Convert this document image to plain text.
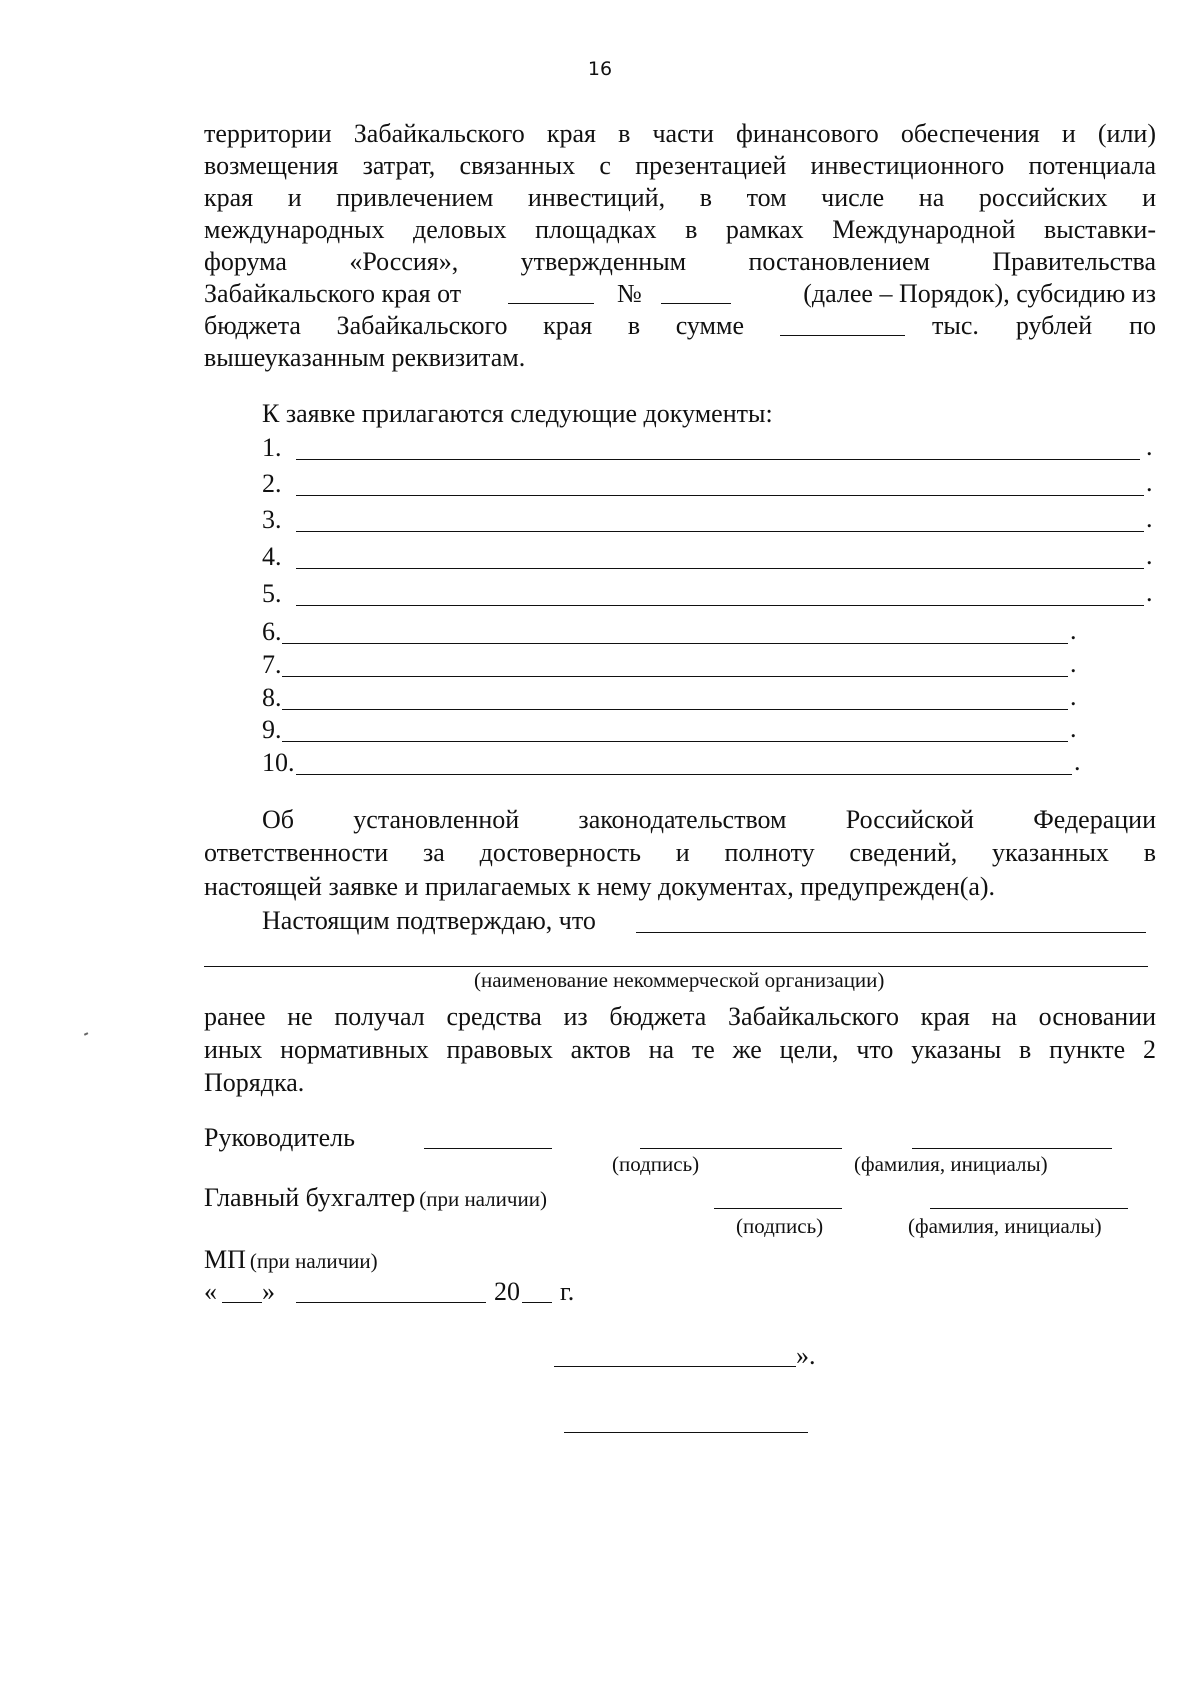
16
территории Забайкальского края в части финансового обеспечения и (или)
возмещения затрат, связанных с презентацией инвестиционного потенциала
края и привлечением инвестиций, в том числе на российских и
международных деловых площадках в рамках Международной выставки-
форума «Россия», утвержденным постановлением Правительства
Забайкальского края от	№	(далее – Порядок), субсидию из
бюджета Забайкальского края в сумме	тыс. рублей по
вышеуказанным реквизитам.
К заявке прилагаются следующие документы:
1.	.
2.	.
3.	.
4.	.
5.	.
6.	.
7.	.
8.	.
9.	.
10.	.
Об установленной законодательством Российской Федерации
ответственности за достоверность и полноту сведений, указанных в
настоящей заявке и прилагаемых к нему документах, предупрежден(а).
Настоящим подтверждаю, что
(наименование некоммерческой организации)
ранее не получал средства из бюджета Забайкальского края на основании
иных нормативных правовых актов на те же цели, что указаны в пункте 2
Порядка.
Руководитель
(подпись)	(фамилия, инициалы)
Главный бухгалтер (при наличии)
(подпись)	(фамилия, инициалы)
МП (при наличии)
« »	20 г.
».
